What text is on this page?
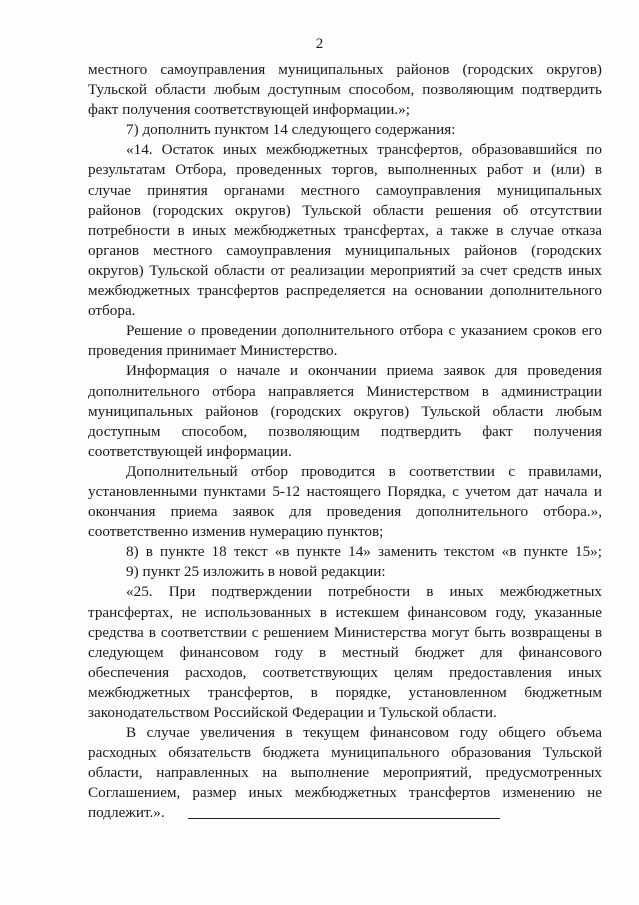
2
местного самоуправления муниципальных районов (городских округов)
Тульской области любым доступным способом, позволяющим подтвердить
факт получения соответствующей информации.»;
7) дополнить пунктом 14 следующего содержания:
«14. Остаток иных межбюджетных трансфертов, образовавшийся по
результатам Отбора, проведенных торгов, выполненных работ и (или) в
случае принятия органами местного самоуправления муниципальных
районов (городских округов) Тульской области решения об отсутствии
потребности в иных межбюджетных трансфертах, а также в случае отказа
органов местного самоуправления муниципальных районов (городских
округов) Тульской области от реализации мероприятий за счет средств иных
межбюджетных трансфертов распределяется на основании дополнительного
отбора.
Решение о проведении дополнительного отбора с указанием сроков его
проведения принимает Министерство.
Информация о начале и окончании приема заявок для проведения
дополнительного отбора направляется Министерством в администрации
муниципальных районов (городских округов) Тульской области любым
доступным способом, позволяющим подтвердить факт получения
соответствующей информации.
Дополнительный отбор проводится в соответствии с правилами,
установленными пунктами 5-12 настоящего Порядка, с учетом дат начала и
окончания приема заявок для проведения дополнительного отбора.»,
соответственно изменив нумерацию пунктов;
8) в пункте 18 текст «в пункте 14» заменить текстом «в пункте 15»;
9) пункт 25 изложить в новой редакции:
«25. При подтверждении потребности в иных межбюджетных
трансфертах, не использованных в истекшем финансовом году, указанные
средства в соответствии с решением Министерства могут быть возвращены в
следующем финансовом году в местный бюджет для финансового
обеспечения расходов, соответствующих целям предоставления иных
межбюджетных трансфертов, в порядке, установленном бюджетным
законодательством Российской Федерации и Тульской области.
В случае увеличения в текущем финансовом году общего объема
расходных обязательств бюджета муниципального образования Тульской
области, направленных на выполнение мероприятий, предусмотренных
Соглашением, размер иных межбюджетных трансфертов изменению не
подлежит.».
